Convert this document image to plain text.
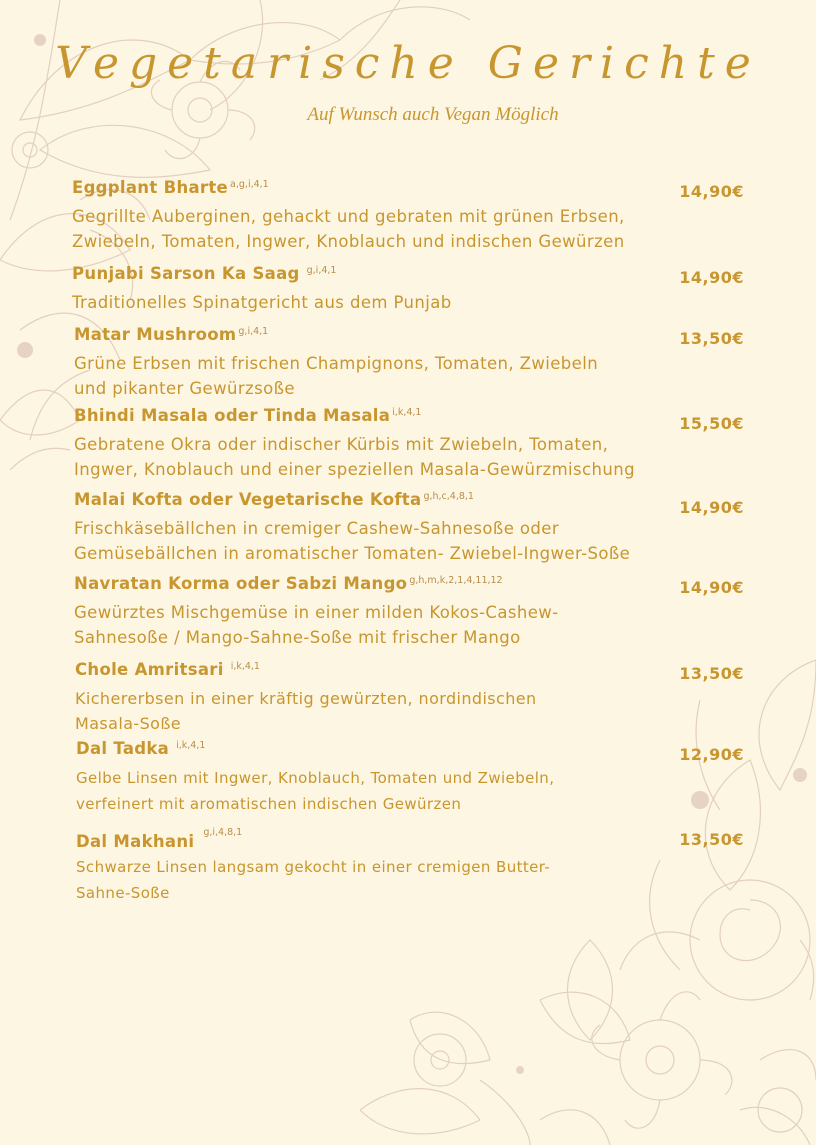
Vegetarische Gerichte
Auf Wunsch auch Vegan Möglich
Eggplant Bharte $^{a,g,i,4,1}$	14,90€

Gegrillte Auberginen, gehackt und gebraten mit grünen Erbsen,
Zwiebeln, Tomaten, Ingwer, Knoblauch und indischen Gewürzen

Punjabi Sarson Ka Saag $^{g,i,4,1}$	14,90€

Traditionelles Spinatgericht aus dem Punjab

Matar Mushroom $^{g,i,4,1}$	13,50€

Grüne Erbsen mit frischen Champignons, Tomaten, Zwiebeln
und pikanter Gewürzsoße

Bhindi Masala oder Tinda Masala $^{i,k,4,1}$
15,50€

Gebratene Okra oder indischer Kürbis mit Zwiebeln, Tomaten,
Ingwer, Knoblauch und einer speziellen Masala-Gewürzmischung

Malai Kofta oder Vegetarische Kofta $^{g,h,c,4,8,1}$
14,90€

Frischkäsebällchen in cremiger Cashew-Sahnesoße oder
Gemüsebällchen in aromatischer Tomaten- Zwiebel-Ingwer-Soße

Navratan Korma oder Sabzi Mango $^{g,h,m,k,2,1,4,11,12}$	14,90€

Gewürztes Mischgemüse in einer milden Kokos-Cashew-
Sahnesoße / Mango-Sahne-Soße mit frischer Mango

Chole Amritsari $^{i,k,4,1}$	13,50€

Kichererbsen in einer kräftig gewürzten, nordindischen
Masala-Soße

Dal Tadka $^{i,k,4,1}$	12,90€

Gelbe Linsen mit Ingwer, Knoblauch, Tomaten und Zwiebeln,
verfeinert mit aromatischen indischen Gewürzen

Dal Makhani $^{g,i,4,8,1}$	13,50€

Schwarze Linsen langsam gekocht in einer cremigen Butter-
Sahne-Soße
